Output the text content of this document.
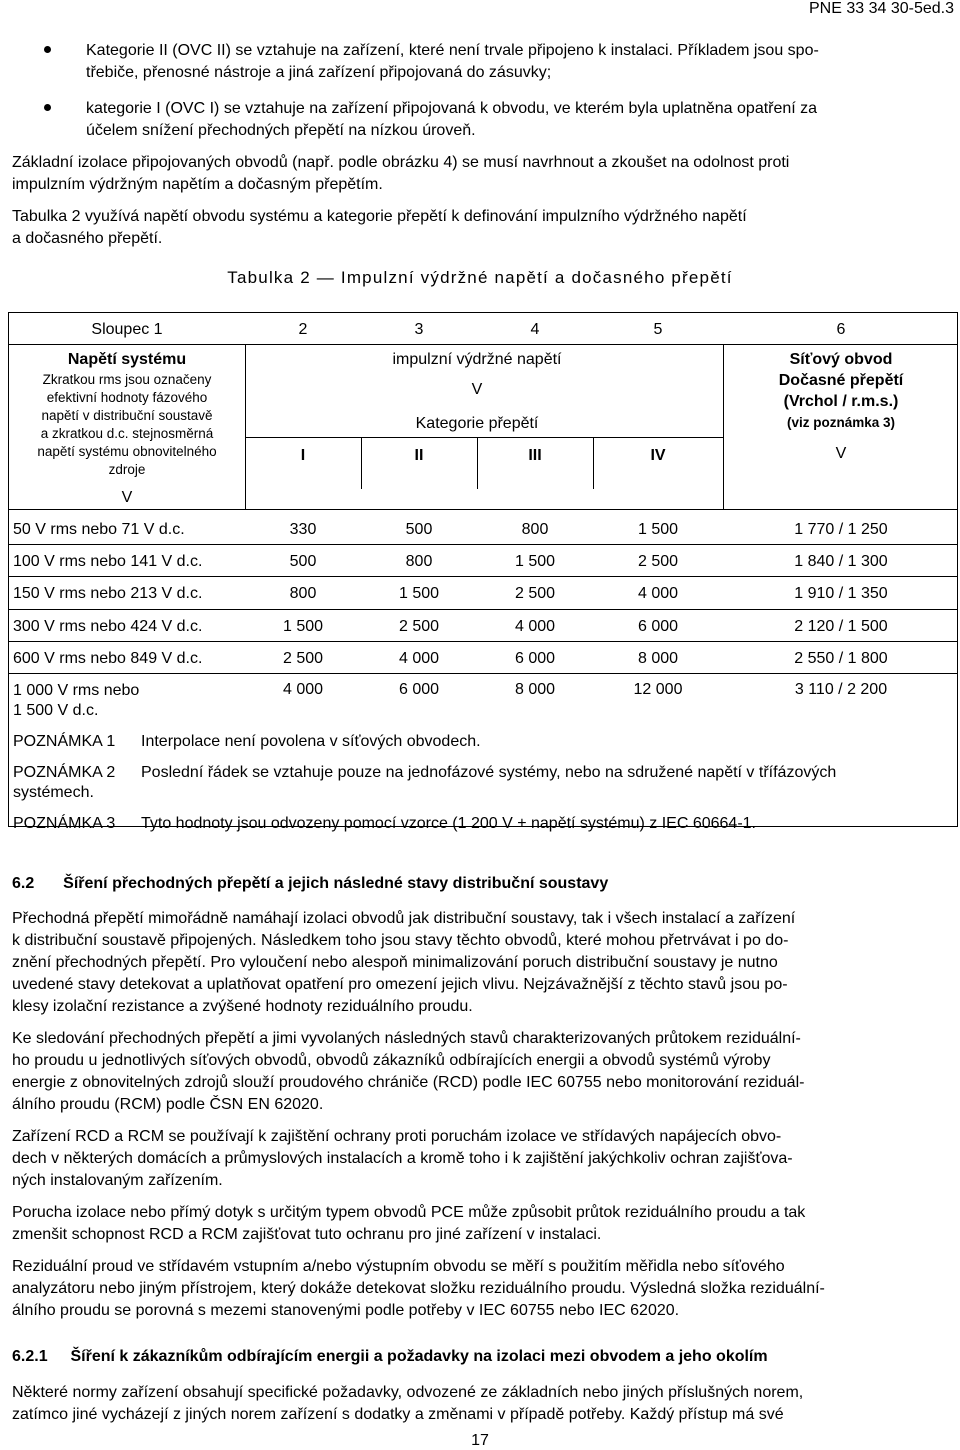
PNE 33 34 30-5ed.3
Kategorie II (OVC II) se vztahuje na zařízení, které není trvale připojeno k instalaci. Příkladem jsou spo-
třebiče, přenosné nástroje a jiná zařízení připojovaná do zásuvky;
kategorie I (OVC I) se vztahuje na zařízení připojovaná k obvodu, ve kterém byla uplatněna opatření za
účelem snížení přechodných přepětí na nízkou úroveň.
Základní izolace připojovaných obvodů (např. podle obrázku 4) se musí navrhnout a zkoušet na odolnost proti
impulzním výdržným napětím a dočasným přepětím.
Tabulka 2 využívá napětí obvodu systému a kategorie přepětí k definování impulzního výdržného napětí
a dočasného přepětí.
Tabulka 2 — Impulzní výdržné napětí a dočasného přepětí
Sloupec 1	2	3	4	5	6
Napětí systému
Zkratkou rms jsou označeny
efektivní hodnoty fázového
napětí v distribuční soustavě
a zkratkou d.c. stejnosměrná
napětí systému obnovitelného
zdroje
V
impulzní výdržné napětí
V
Kategorie přepětí
I	II	III	IV
Síťový obvod
Dočasné přepětí
(Vrchol / r.m.s.)
(viz poznámka 3)
V
50 V rms nebo 71 V d.c.	330	500	800	1 500	1 770 / 1 250
100 V rms nebo 141 V d.c.	500	800	1 500	2 500	1 840 / 1 300
150 V rms nebo 213 V d.c.	800	1 500	2 500	4 000	1 910 / 1 350
300 V rms nebo 424 V d.c.	1 500	2 500	4 000	6 000	2 120 / 1 500
600 V rms nebo 849 V d.c.	2 500	4 000	6 000	8 000	2 550 / 1 800
1 000 V rms nebo
1 500 V d.c.
4 000	6 000	8 000	12 000	3 110 / 2 200
POZNÁMKA 1 Interpolace není povolena v síťových obvodech.
POZNÁMKA 2 Poslední řádek se vztahuje pouze na jednofázové systémy, nebo na sdružené napětí v třífázových
systémech.
POZNÁMKA 3 Tyto hodnoty jsou odvozeny pomocí vzorce (1 200 V + napětí systému) z IEC 60664-1.
6.2 Šíření přechodných přepětí a jejich následné stavy distribuční soustavy
Přechodná přepětí mimořádně namáhají izolaci obvodů jak distribuční soustavy, tak i všech instalací a zařízení
k distribuční soustavě připojených. Následkem toho jsou stavy těchto obvodů, které mohou přetrvávat i po do-
znění přechodných přepětí. Pro vyloučení nebo alespoň minimalizování poruch distribuční soustavy je nutno
uvedené stavy detekovat a uplatňovat opatření pro omezení jejich vlivu. Nejzávažnější z těchto stavů jsou po-
klesy izolační rezistance a zvýšené hodnoty reziduálního proudu.
Ke sledování přechodných přepětí a jimi vyvolaných následných stavů charakterizovaných průtokem reziduální-
ho proudu u jednotlivých síťových obvodů, obvodů zákazníků odbírajících energii a obvodů systémů výroby
energie z obnovitelných zdrojů slouží proudového chrániče (RCD) podle IEC 60755 nebo monitorování reziduál-
álního proudu (RCM) podle ČSN EN 62020.
Zařízení RCD a RCM se používají k zajištění ochrany proti poruchám izolace ve střídavých napájecích obvo-
dech v některých domácích a průmyslových instalacích a kromě toho i k zajištění jakýchkoliv ochran zajišťova-
ných instalovaným zařízením.
Porucha izolace nebo přímý dotyk s určitým typem obvodů PCE může způsobit průtok reziduálního proudu a tak
zmenšit schopnost RCD a RCM zajišťovat tuto ochranu pro jiné zařízení v instalaci.
Reziduální proud ve střídavém vstupním a/nebo výstupním obvodu se měří s použitím měřidla nebo síťového
analyzátoru nebo jiným přístrojem, který dokáže detekovat složku reziduálního proudu. Výsledná složka reziduální-
álního proudu se porovná s mezemi stanovenými podle potřeby v IEC 60755 nebo IEC 62020.
6.2.1 Šíření k zákazníkům odbírajícím energii a požadavky na izolaci mezi obvodem a jeho okolím
Některé normy zařízení obsahují specifické požadavky, odvozené ze základních nebo jiných příslušných norem,
zatímco jiné vycházejí z jiných norem zařízení s dodatky a změnami v případě potřeby. Každý přístup má své
17
